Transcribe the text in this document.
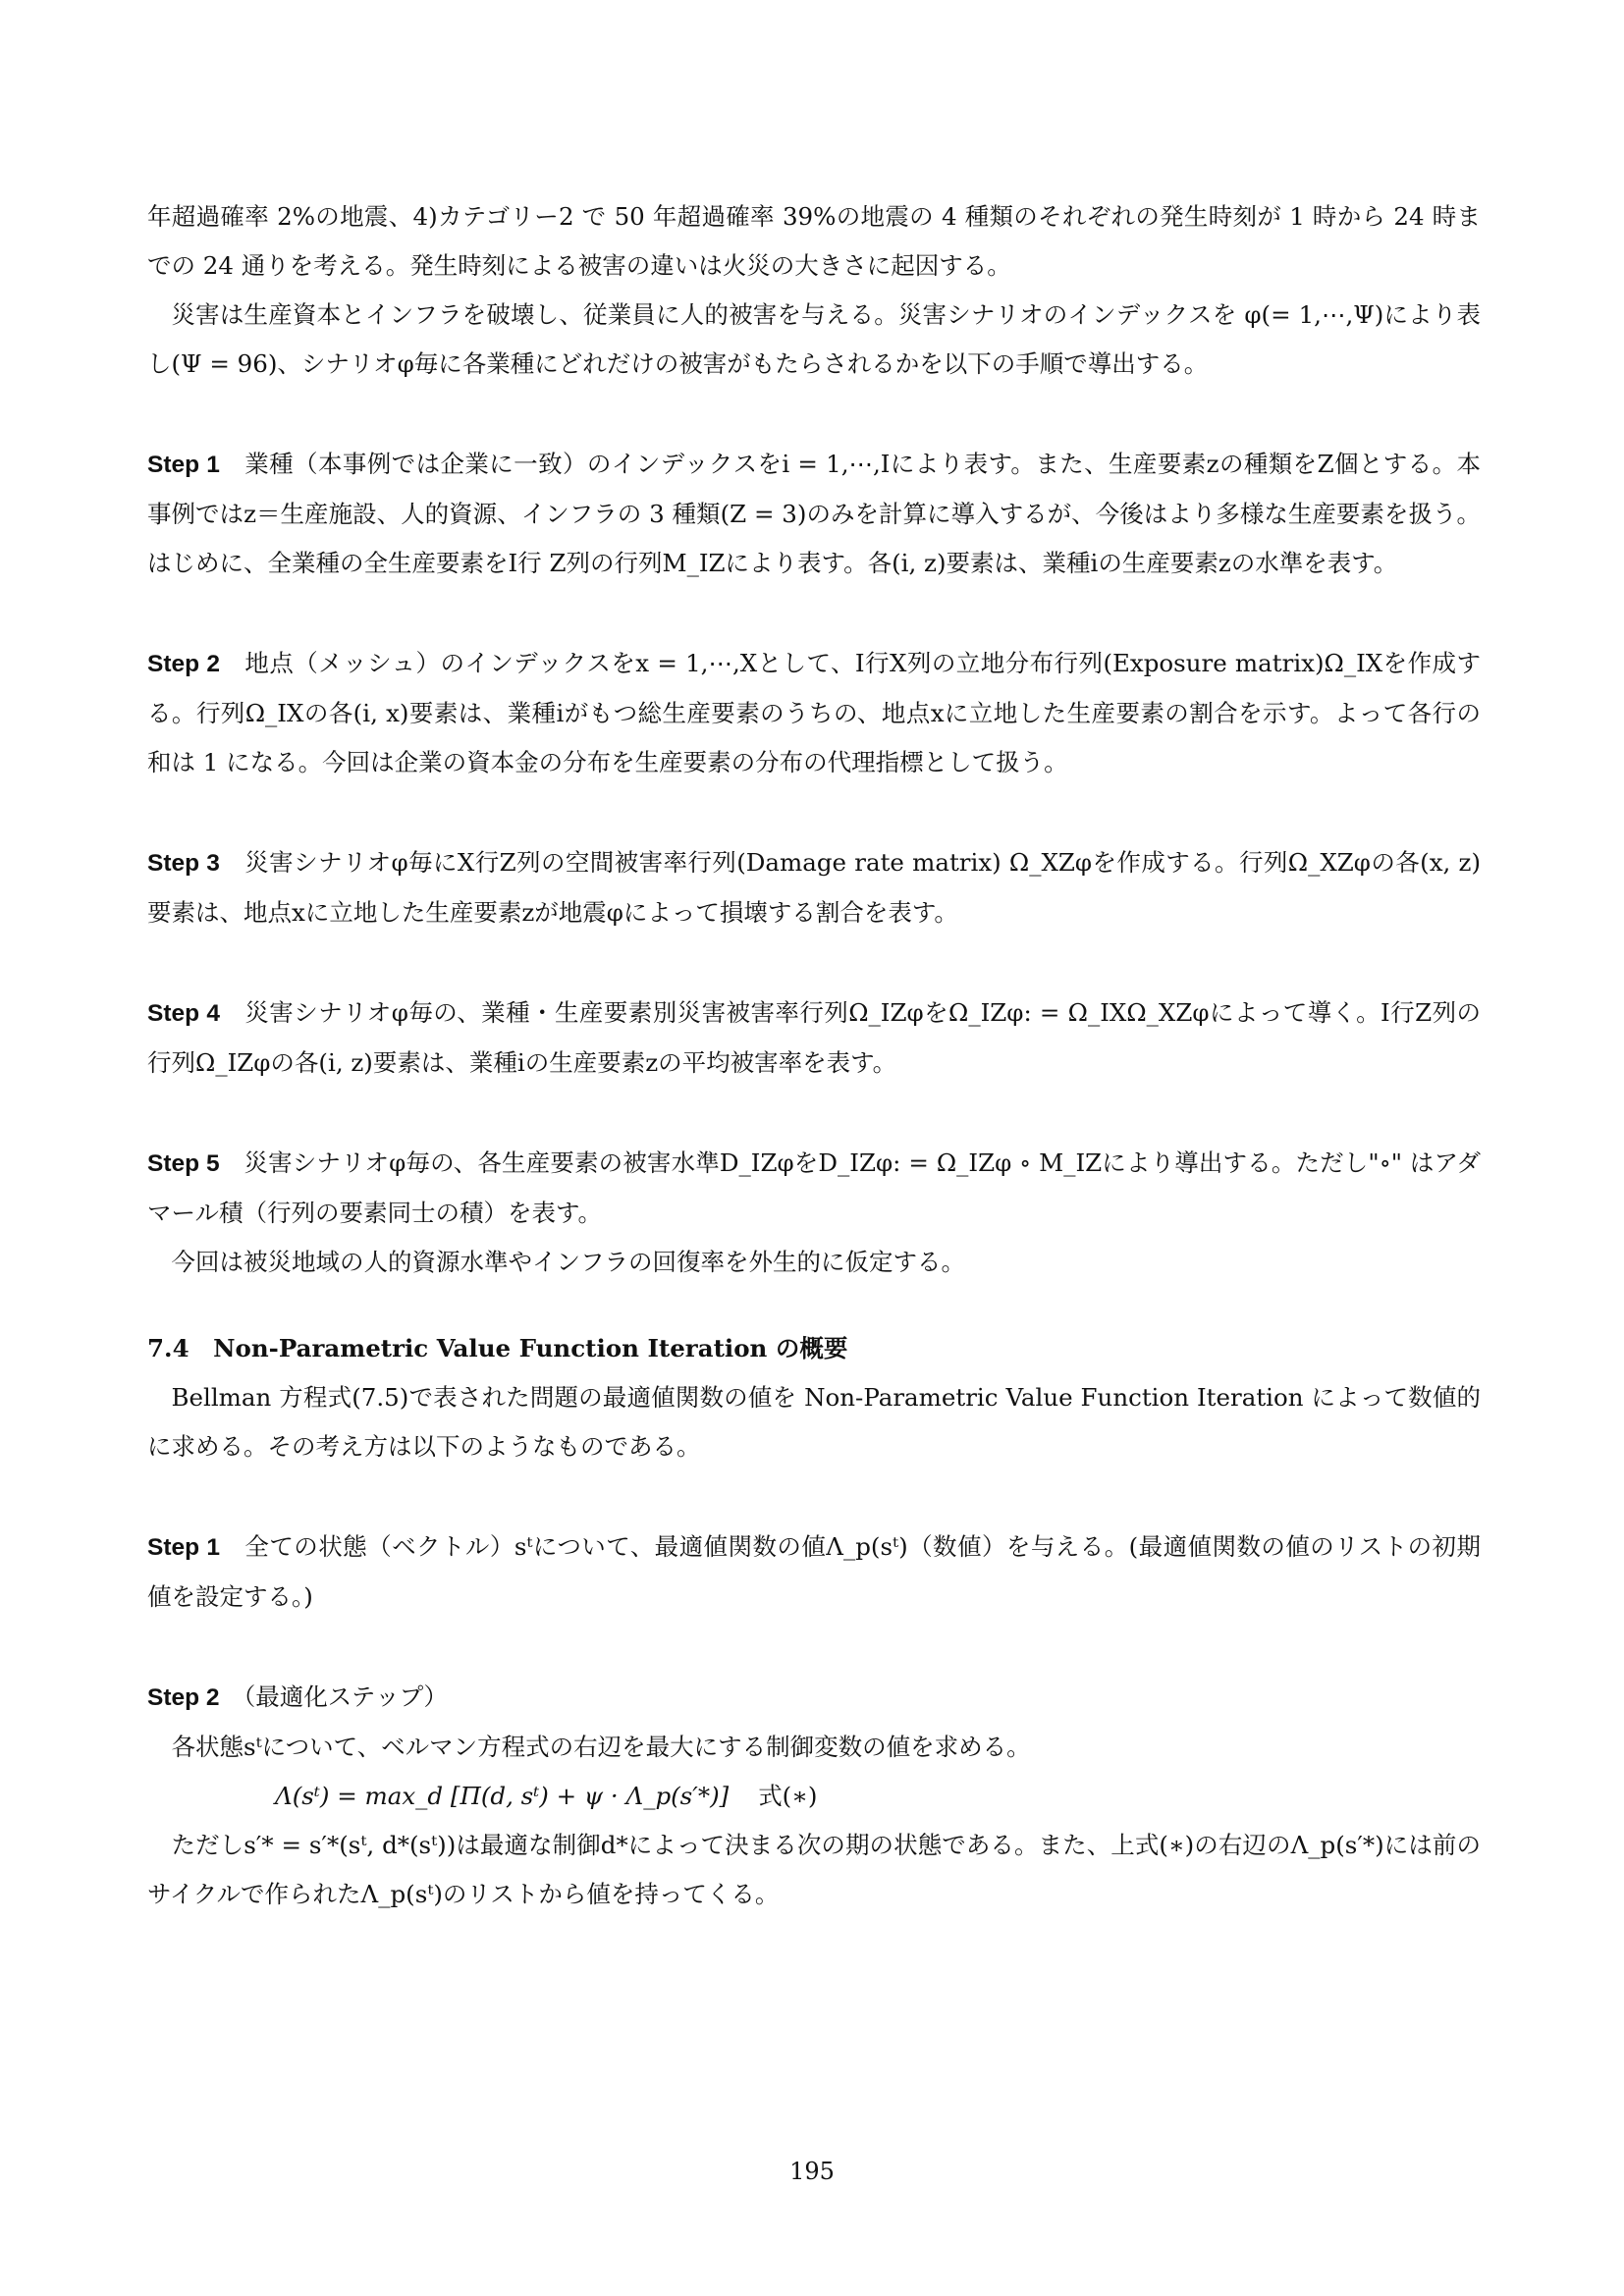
年超過確率 2%の地震、4)カテゴリー2 で 50 年超過確率 39%の地震の 4 種類のそれぞれの発生時刻が 1 時から 24 時までの 24 通りを考える。発生時刻による被害の違いは火災の大きさに起因する。

災害は生産資本とインフラを破壊し、従業員に人的被害を与える。災害シナリオのインデックスを φ(= 1,⋯,Ψ)により表し(Ψ = 96)、シナリオφ毎に各業種にどれだけの被害がもたらされるかを以下の手順で導出する。

Step 1　 業種（本事例では企業に一致）のインデックスをi = 1,⋯,Iにより表す。また、生産要素zの種類をZ個とする。本事例ではz＝生産施設、人的資源、インフラの 3 種類(Z = 3)のみを計算に導入するが、今後はより多様な生産要素を扱う。はじめに、全業種の全生産要素をI行 Z列の行列M_IZにより表す。各(i, z)要素は、業種iの生産要素zの水準を表す。

Step 2　 地点（メッシュ）のインデックスをx = 1,⋯,Xとして、I行X列の立地分布行列(Exposure matrix)Ω_IXを作成する。行列Ω_IXの各(i, x)要素は、業種iがもつ総生産要素のうちの、地点xに立地した生産要素の割合を示す。よって各行の和は 1 になる。今回は企業の資本金の分布を生産要素の分布の代理指標として扱う。

Step 3　 災害シナリオφ毎にX行Z列の空間被害率行列(Damage rate matrix) Ω_XZφを作成する。行列Ω_XZφの各(x, z)要素は、地点xに立地した生産要素zが地震φによって損壊する割合を表す。

Step 4　 災害シナリオφ毎の、業種・生産要素別災害被害率行列Ω_IZφをΩ_IZφ: = Ω_IXΩ_XZφによって導く。I行Z列の行列Ω_IZφの各(i, z)要素は、業種iの生産要素zの平均被害率を表す。

Step 5　 災害シナリオφ毎の、各生産要素の被害水準D_IZφをD_IZφ: = Ω_IZφ ∘ M_IZにより導出する。ただし"∘" はアダマール積（行列の要素同士の積）を表す。

今回は被災地域の人的資源水準やインフラの回復率を外生的に仮定する。

7.4　 Non-Parametric Value Function Iteration の概要

Bellman 方程式(7.5)で表された問題の最適値関数の値を Non-Parametric Value Function Iteration によって数値的に求める。その考え方は以下のようなものである。

Step 1　 全ての状態（ベクトル）sᵗについて、最適値関数の値Λ_p(sᵗ)（数値）を与える。(最適値関数の値のリストの初期値を設定する。)

Step 2　 （最適化ステップ）

各状態sᵗについて、ベルマン方程式の右辺を最大にする制御変数の値を求める。

Λ(sᵗ) = max_d [Π(d, sᵗ) + ψ · Λ_p(s′*)] 式(∗)

ただしs′* = s′*(sᵗ, d*(sᵗ))は最適な制御d*によって決まる次の期の状態である。また、上式(∗)の右辺のΛ_p(s′*)には前のサイクルで作られたΛ_p(sᵗ)のリストから値を持ってくる。

195
